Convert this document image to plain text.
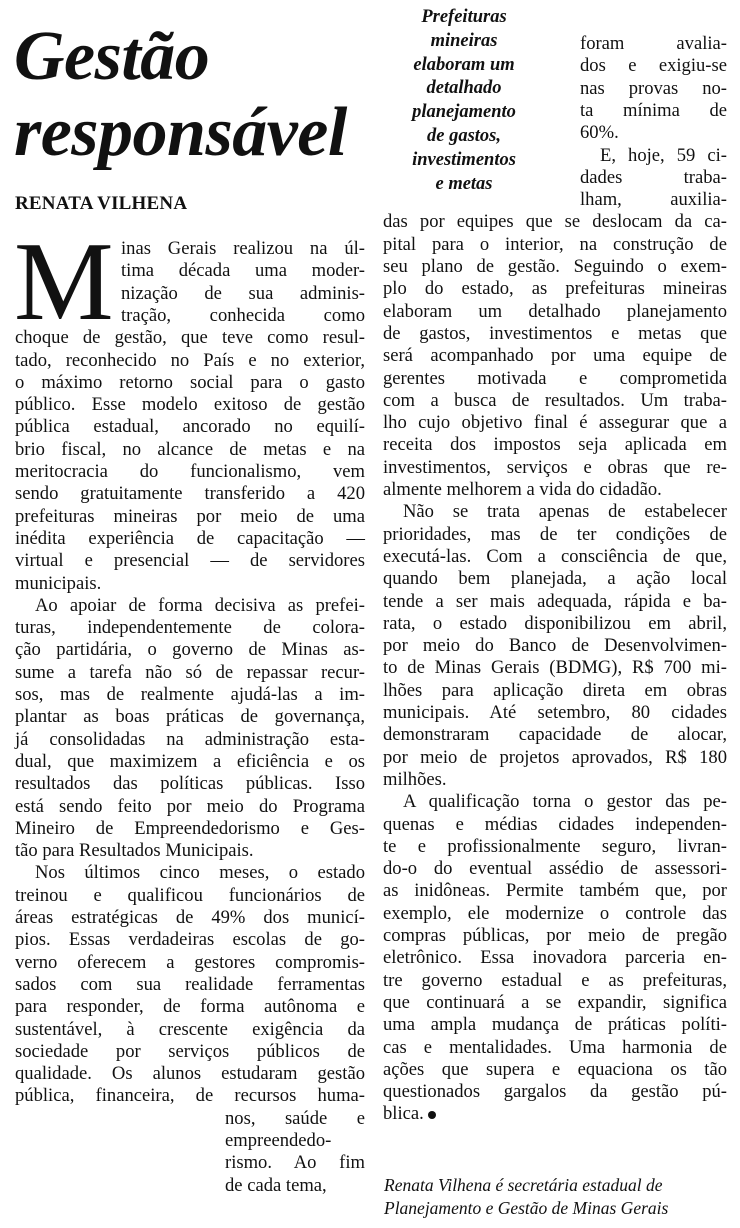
Gestão
responsável
RENATA VILHENA
M
Prefeituras
mineiras
elaboram um
detalhado
planejamento
de gastos,
investimentos
e metas
inas Gerais realizou na úl-
tima década uma moder-
nização de sua adminis-
tração, conhecida como
choque de gestão, que teve como resul-
tado, reconhecido no País e no exterior,
o máximo retorno social para o gasto
público. Esse modelo exitoso de gestão
pública estadual, ancorado no equilí-
brio fiscal, no alcance de metas e na
meritocracia do funcionalismo, vem
sendo gratuitamente transferido a 420
prefeituras mineiras por meio de uma
inédita experiência de capacitação —
virtual e presencial — de servidores
municipais.
Ao apoiar de forma decisiva as prefei-
turas, independentemente de colora-
ção partidária, o governo de Minas as-
sume a tarefa não só de repassar recur-
sos, mas de realmente ajudá-las a im-
plantar as boas práticas de governança,
já consolidadas na administração esta-
dual, que maximizem a eficiência e os
resultados das políticas públicas. Isso
está sendo feito por meio do Programa
Mineiro de Empreendedorismo e Ges-
tão para Resultados Municipais.
Nos últimos cinco meses, o estado
treinou e qualificou funcionários de
áreas estratégicas de 49% dos municí-
pios. Essas verdadeiras escolas de go-
verno oferecem a gestores compromis-
sados com sua realidade ferramentas
para responder, de forma autônoma e
sustentável, à crescente exigência da
sociedade por serviços públicos de
qualidade. Os alunos estudaram gestão
pública, financeira, de recursos huma-
nos, saúde e
empreendedo-
rismo. Ao fim
de cada tema,
foram avalia-
dos e exigiu-se
nas provas no-
ta mínima de
60%.
E, hoje, 59 ci-
dades traba-
lham, auxilia-
das por equipes que se deslocam da ca-
pital para o interior, na construção de
seu plano de gestão. Seguindo o exem-
plo do estado, as prefeituras mineiras
elaboram um detalhado planejamento
de gastos, investimentos e metas que
será acompanhado por uma equipe de
gerentes motivada e comprometida
com a busca de resultados. Um traba-
lho cujo objetivo final é assegurar que a
receita dos impostos seja aplicada em
investimentos, serviços e obras que re-
almente melhorem a vida do cidadão.
Não se trata apenas de estabelecer
prioridades, mas de ter condições de
executá-las. Com a consciência de que,
quando bem planejada, a ação local
tende a ser mais adequada, rápida e ba-
rata, o estado disponibilizou em abril,
por meio do Banco de Desenvolvimen-
to de Minas Gerais (BDMG), R$ 700 mi-
lhões para aplicação direta em obras
municipais. Até setembro, 80 cidades
demonstraram capacidade de alocar,
por meio de projetos aprovados, R$ 180
milhões.
A qualificação torna o gestor das pe-
quenas e médias cidades independen-
te e profissionalmente seguro, livran-
do-o do eventual assédio de assessori-
as inidôneas. Permite também que, por
exemplo, ele modernize o controle das
compras públicas, por meio de pregão
eletrônico. Essa inovadora parceria en-
tre governo estadual e as prefeituras,
que continuará a se expandir, significa
uma ampla mudança de práticas políti-
cas e mentalidades. Uma harmonia de
ações que supera e equaciona os tão
questionados gargalos da gestão pú-
blica.
Renata Vilhena é secretária estadual de
Planejamento e Gestão de Minas Gerais
